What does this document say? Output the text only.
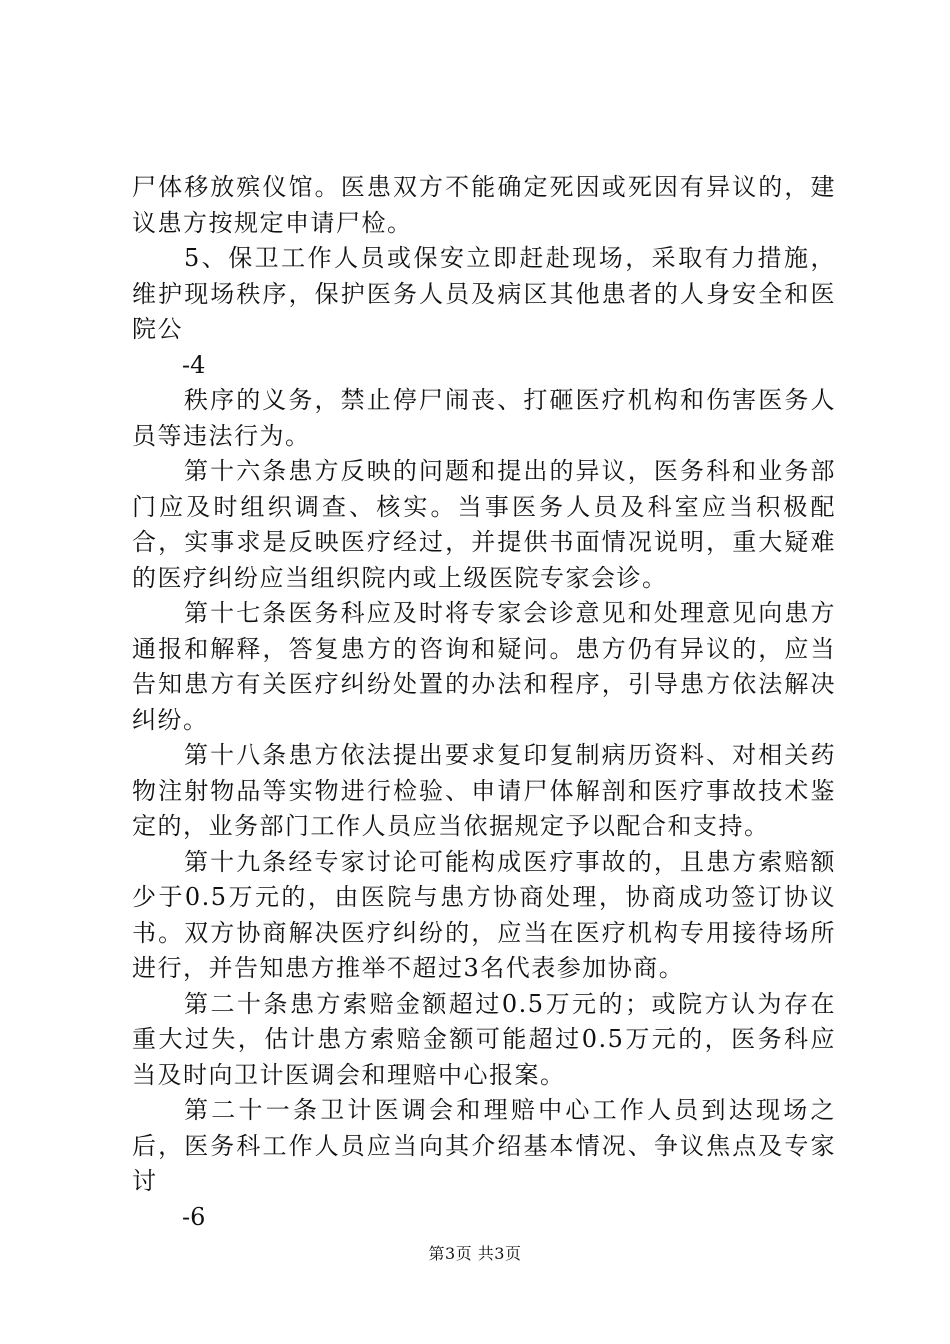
尸体移放殡仪馆。医患双方不能确定死因或死因有异议的，建议患方按规定申请尸检。

5、保卫工作人员或保安立即赶赴现场，采取有力措施，维护现场秩序，保护医务人员及病区其他患者的人身安全和医院公

-4

秩序的义务，禁止停尸闹丧、打砸医疗机构和伤害医务人员等违法行为。

第十六条患方反映的问题和提出的异议，医务科和业务部门应及时组织调查、核实。当事医务人员及科室应当积极配合，实事求是反映医疗经过，并提供书面情况说明，重大疑难的医疗纠纷应当组织院内或上级医院专家会诊。

第十七条医务科应及时将专家会诊意见和处理意见向患方通报和解释，答复患方的咨询和疑问。患方仍有异议的，应当告知患方有关医疗纠纷处置的办法和程序，引导患方依法解决纠纷。

第十八条患方依法提出要求复印复制病历资料、对相关药物注射物品等实物进行检验、申请尸体解剖和医疗事故技术鉴定的，业务部门工作人员应当依据规定予以配合和支持。

第十九条经专家讨论可能构成医疗事故的，且患方索赔额少于0.5万元的，由医院与患方协商处理，协商成功签订协议书。双方协商解决医疗纠纷的，应当在医疗机构专用接待场所进行，并告知患方推举不超过3名代表参加协商。

第二十条患方索赔金额超过0.5万元的；或院方认为存在重大过失，估计患方索赔金额可能超过0.5万元的，医务科应当及时向卫计医调会和理赔中心报案。

第二十一条卫计医调会和理赔中心工作人员到达现场之后，医务科工作人员应当向其介绍基本情况、争议焦点及专家讨

-6

第3页 共3页
